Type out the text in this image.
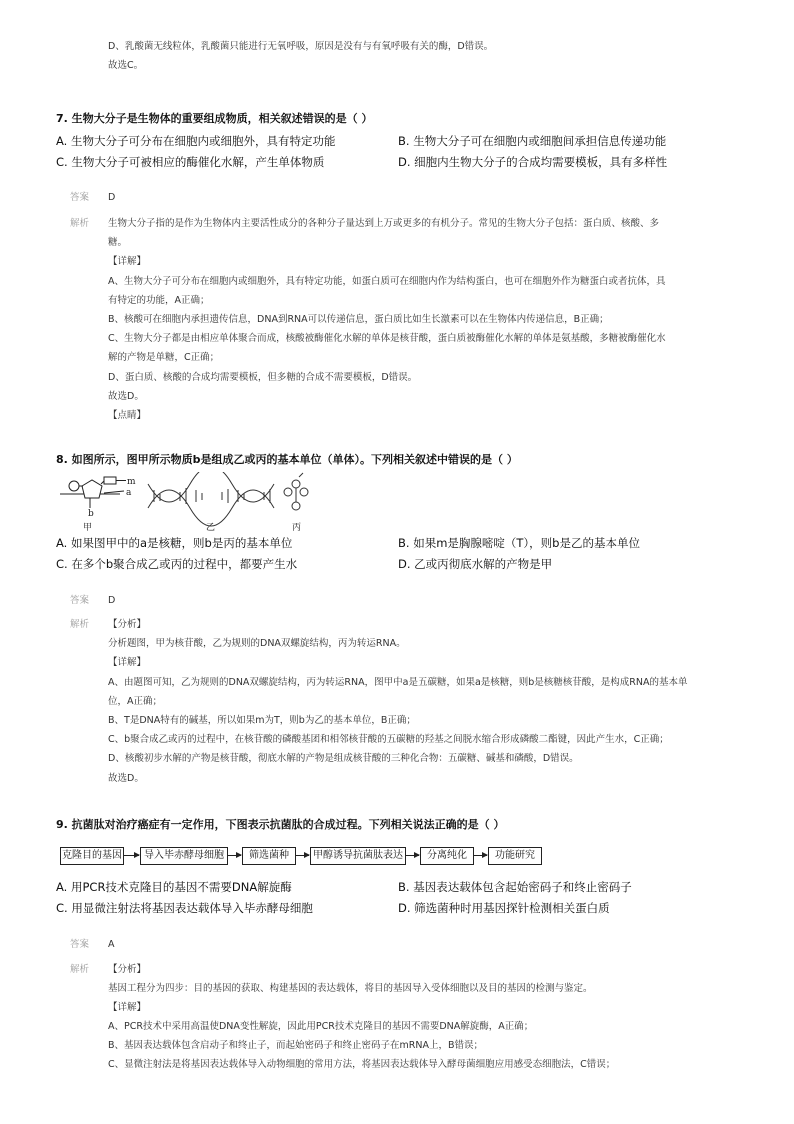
D、乳酸菌无线粒体，乳酸菌只能进行无氧呼吸，原因是没有与有氧呼吸有关的酶，D错误。
故选C。
7. 生物大分子是生物体的重要组成物质，相关叙述错误的是（ ）
A. 生物大分子可分布在细胞内或细胞外，具有特定功能	B. 生物大分子可在细胞内或细胞间承担信息传递功能
C. 生物大分子可被相应的酶催化水解，产生单体物质	D. 细胞内生物大分子的合成均需要模板，具有多样性
答案 D
解析 生物大分子指的是作为生物体内主要活性成分的各种分子量达到上万或更多的有机分子。常见的生物大分子包括：蛋白质、核酸、多
糖。
【详解】
A、生物大分子可分布在细胞内或细胞外，具有特定功能，如蛋白质可在细胞内作为结构蛋白，也可在细胞外作为糖蛋白或者抗体，具
有特定的功能，A正确；
B、核酸可在细胞内承担遗传信息，DNA到RNA可以传递信息，蛋白质比如生长激素可以在生物体内传递信息，B正确；
C、生物大分子都是由相应单体聚合而成，核酸被酶催化水解的单体是核苷酸，蛋白质被酶催化水解的单体是氨基酸，多糖被酶催化水
解的产物是单糖，C正确；
D、蛋白质、核酸的合成均需要模板，但多糖的合成不需要模板，D错误。
故选D。
【点睛】
8. 如图所示，图甲所示物质b是组成乙或丙的基本单位（单体）。下列相关叙述中错误的是（ ）
m
a
b
甲	乙	丙
A. 如果图甲中的a是核糖，则b是丙的基本单位	B. 如果m是胸腺嘧啶（T），则b是乙的基本单位
C. 在多个b聚合成乙或丙的过程中，都要产生水	D. 乙或丙彻底水解的产物是甲
答案 D
解析 【分析】
分析题图，甲为核苷酸，乙为规则的DNA双螺旋结构，丙为转运RNA。
【详解】
A、由题图可知，乙为规则的DNA双螺旋结构，丙为转运RNA，图甲中a是五碳糖，如果a是核糖，则b是核糖核苷酸，是构成RNA的基本单
位，A正确；
B、T是DNA特有的碱基，所以如果m为T，则b为乙的基本单位，B正确；
C、b聚合成乙或丙的过程中，在核苷酸的磷酸基团和相邻核苷酸的五碳糖的羟基之间脱水缩合形成磷酸二酯键，因此产生水，C正确；
D、核酸初步水解的产物是核苷酸，彻底水解的产物是组成核苷酸的三种化合物：五碳糖、碱基和磷酸，D错误。
故选D。
9. 抗菌肽对治疗癌症有一定作用，下图表示抗菌肽的合成过程。下列相关说法正确的是（ ）
克隆目的基因	导入毕赤酵母细胞	筛选菌种	甲醇诱导抗菌肽表达	分离纯化	功能研究
A. 用PCR技术克隆目的基因不需要DNA解旋酶	B. 基因表达载体包含起始密码子和终止密码子
C. 用显微注射法将基因表达载体导入毕赤酵母细胞	D. 筛选菌种时用基因探针检测相关蛋白质
答案 A
解析 【分析】
基因工程分为四步：目的基因的获取、构建基因的表达载体，将目的基因导入受体细胞以及目的基因的检测与鉴定。
【详解】
A、PCR技术中采用高温使DNA变性解旋，因此用PCR技术克隆目的基因不需要DNA解旋酶，A正确；
B、基因表达载体包含启动子和终止子，而起始密码子和终止密码子在mRNA上，B错误；
C、显微注射法是将基因表达载体导入动物细胞的常用方法，将基因表达载体导入酵母菌细胞应用感受态细胞法，C错误；
